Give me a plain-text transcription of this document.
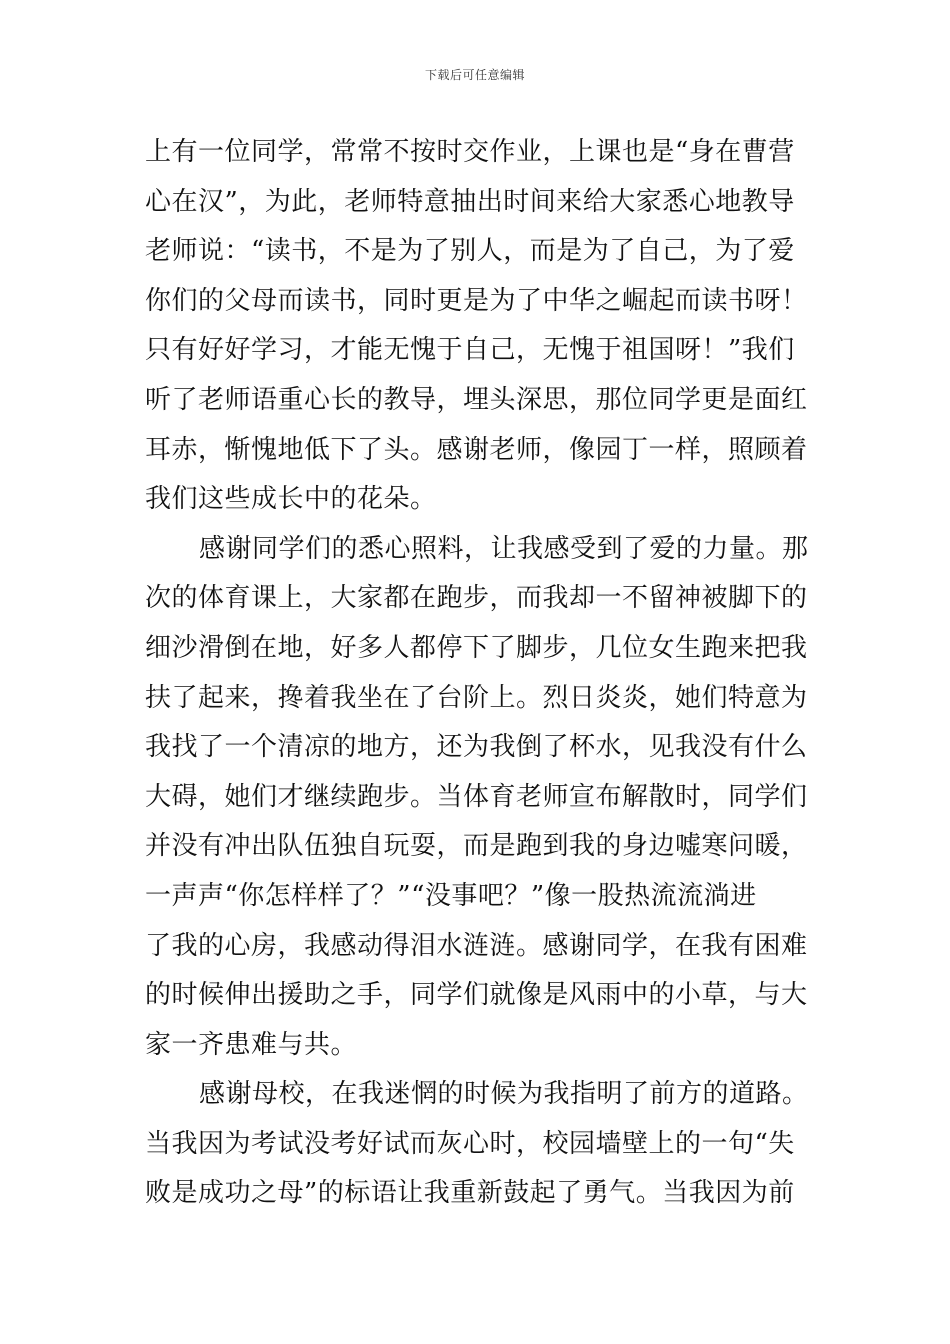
下载后可任意编辑
上有一位同学，常常不按时交作业，上课也是“身在曹营
心在汉”，为此，老师特意抽出时间来给大家悉心地教导
老师说：“读书，不是为了别人，而是为了自己，为了爱
你们的父母而读书，同时更是为了中华之崛起而读书呀！
只有好好学习，才能无愧于自己，无愧于祖国呀！”我们
听了老师语重心长的教导，埋头深思，那位同学更是面红
耳赤，惭愧地低下了头。感谢老师，像园丁一样，照顾着
我们这些成长中的花朵。
感谢同学们的悉心照料，让我感受到了爱的力量。那
次的体育课上，大家都在跑步，而我却一不留神被脚下的
细沙滑倒在地，好多人都停下了脚步，几位女生跑来把我
扶了起来，搀着我坐在了台阶上。烈日炎炎，她们特意为
我找了一个清凉的地方，还为我倒了杯水，见我没有什么
大碍，她们才继续跑步。当体育老师宣布解散时，同学们
并没有冲出队伍独自玩耍，而是跑到我的身边嘘寒问暖，
一声声“你怎样样了？”“没事吧？”像一股热流流淌进
了我的心房，我感动得泪水涟涟。感谢同学，在我有困难
的时候伸出援助之手，同学们就像是风雨中的小草，与大
家一齐患难与共。
感谢母校，在我迷惘的时候为我指明了前方的道路。
当我因为考试没考好试而灰心时，校园墙壁上的一句“失
败是成功之母”的标语让我重新鼓起了勇气。当我因为前
